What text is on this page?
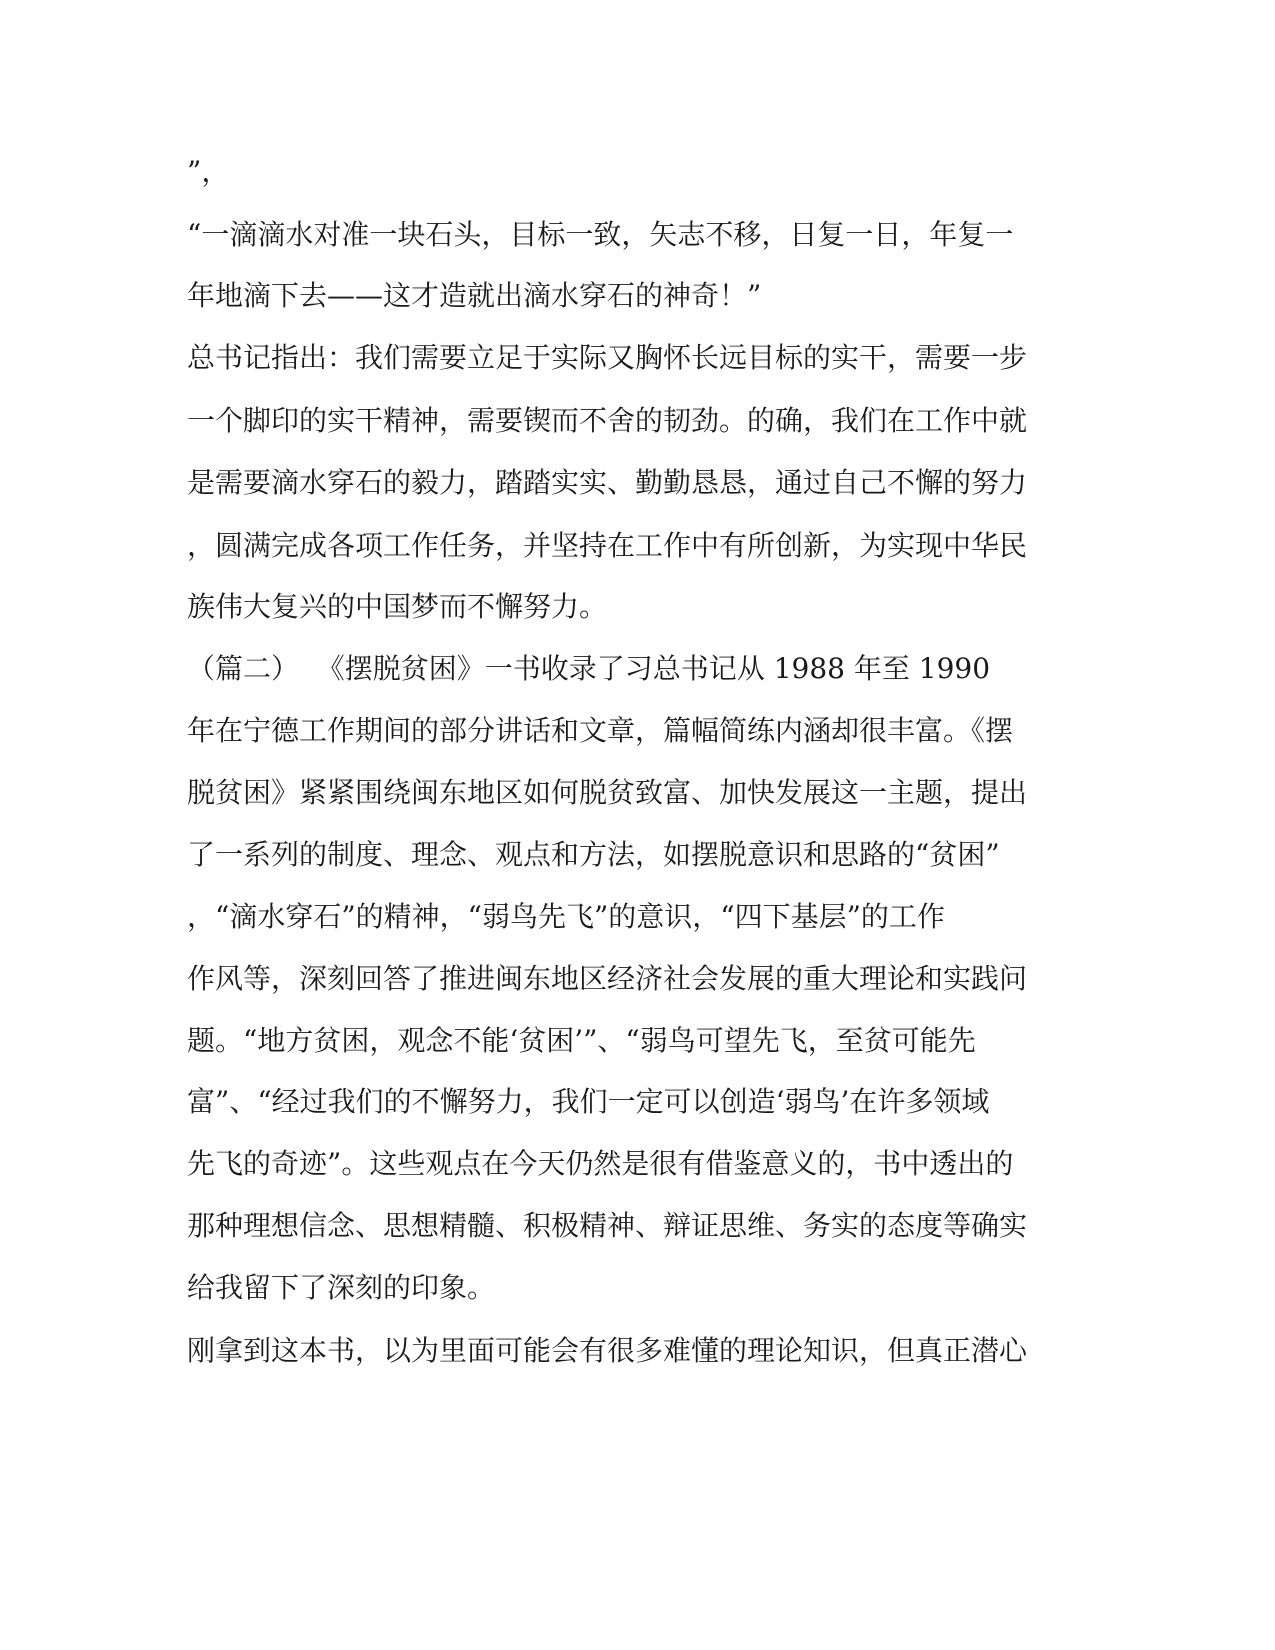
”，
“一滴滴水对准一块石头，目标一致，矢志不移，日复一日，年复一
年地滴下去——这才造就出滴水穿石的神奇！”
总书记指出：我们需要立足于实际又胸怀长远目标的实干，需要一步
一个脚印的实干精神，需要锲而不舍的韧劲。的确，我们在工作中就
是需要滴水穿石的毅力，踏踏实实、勤勤恳恳，通过自己不懈的努力
，圆满完成各项工作任务，并坚持在工作中有所创新，为实现中华民
族伟大复兴的中国梦而不懈努力。
（篇二）  《摆脱贫困》一书收录了习总书记从 1988 年至 1990
年在宁德工作期间的部分讲话和文章，篇幅简练内涵却很丰富。《摆
脱贫困》紧紧围绕闽东地区如何脱贫致富、加快发展这一主题，提出
了一系列的制度、理念、观点和方法，如摆脱意识和思路的“贫困”
，“滴水穿石”的精神，“弱鸟先飞”的意识，“四下基层”的工作
作风等，深刻回答了推进闽东地区经济社会发展的重大理论和实践问
题。“地方贫困，观念不能‘贫困’”、“弱鸟可望先飞，至贫可能先
富”、“经过我们的不懈努力，我们一定可以创造‘弱鸟’在许多领域
先飞的奇迹”。这些观点在今天仍然是很有借鉴意义的，书中透出的
那种理想信念、思想精髓、积极精神、辩证思维、务实的态度等确实
给我留下了深刻的印象。
刚拿到这本书，以为里面可能会有很多难懂的理论知识，但真正潜心
